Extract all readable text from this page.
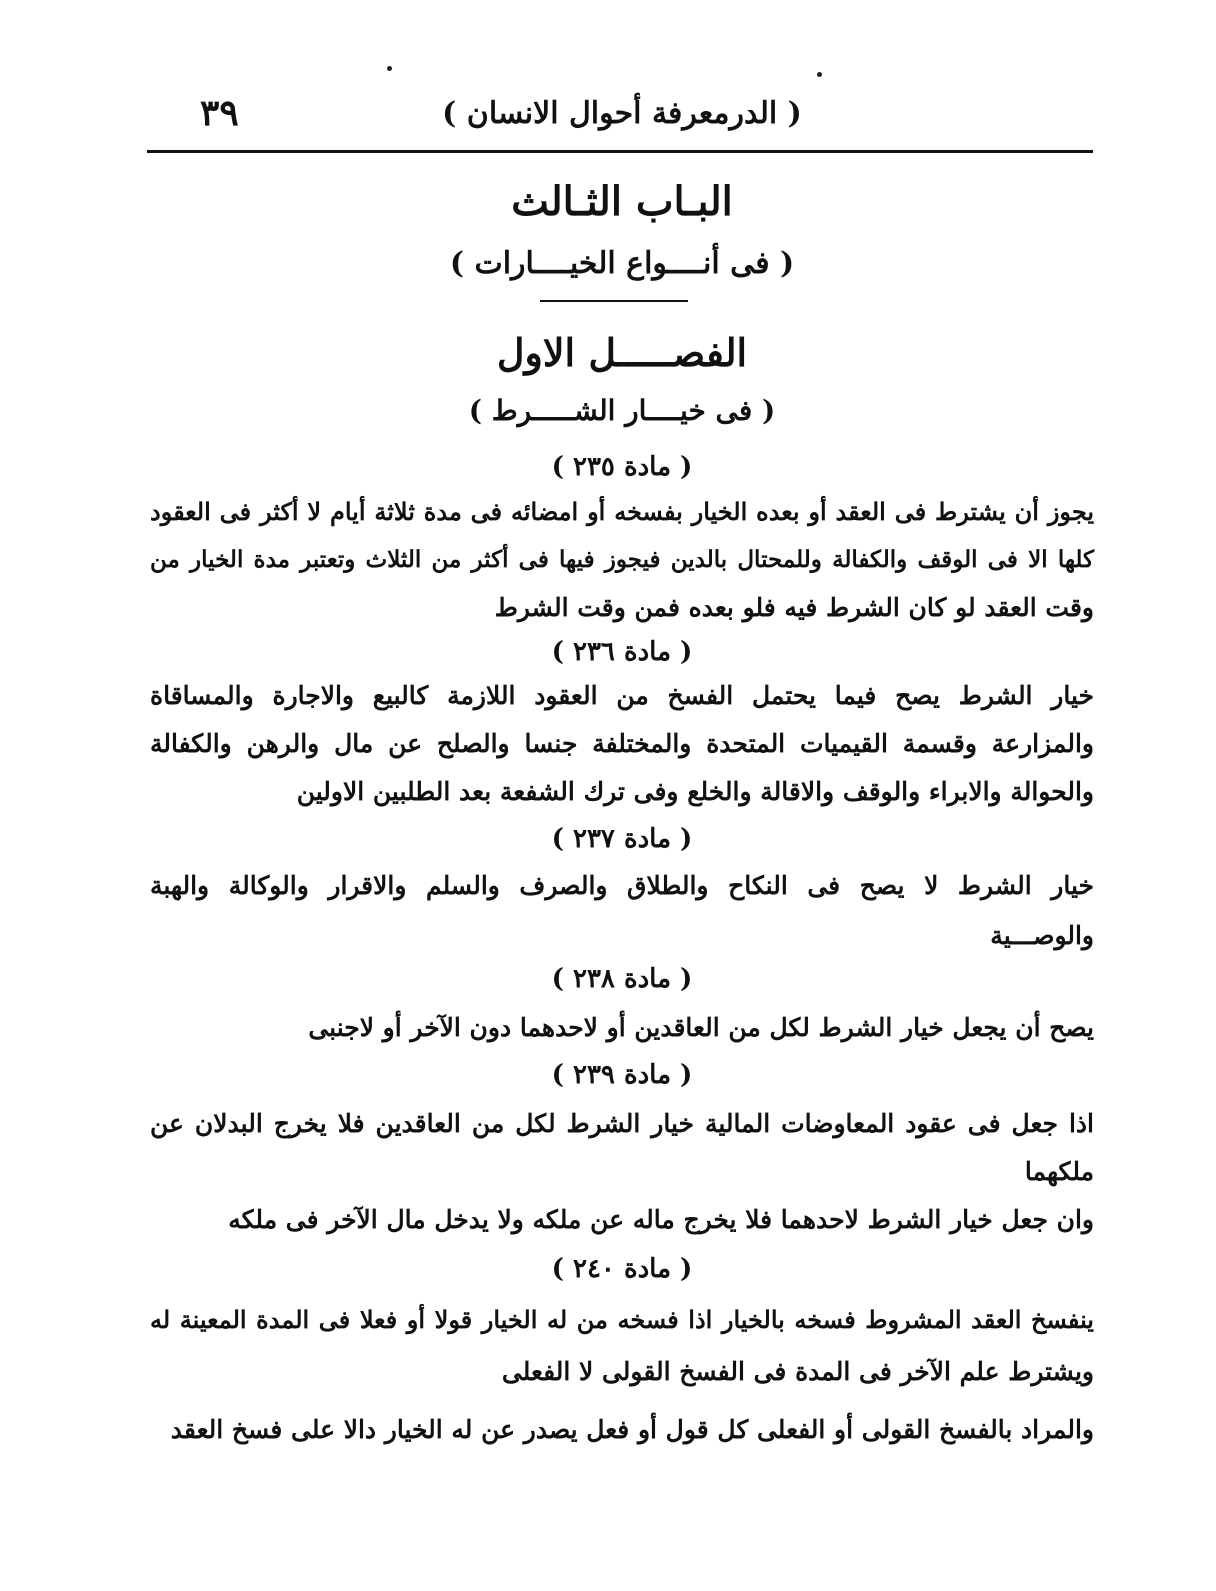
( الدرمعرفة أحوال الانسان )
٣٩
البـاب الثـالث
( فى أنــــواع الخيــــارات )
الفصـــــل الاول
( فى خيــــار الشـــــرط )
( مادة ٢٣٥ )
يجوز أن يشترط فى العقد أو بعده الخيار بفسخه أو امضائه فى مدة ثلاثة أيام لا أكثر فى العقود
كلها الا فى الوقف والكفالة وللمحتال بالدين فيجوز فيها فى أكثر من الثلاث وتعتبر مدة الخيار من
وقت العقد لو كان الشرط فيه فلو بعده فمن وقت الشرط
( مادة ٢٣٦ )
خيار الشرط يصح فيما يحتمل الفسخ من العقود اللازمة كالبيع والاجارة والمساقاة
والمزارعة وقسمة القيميات المتحدة والمختلفة جنسا والصلح عن مال والرهن والكفالة
والحوالة والابراء والوقف والاقالة والخلع وفى ترك الشفعة بعد الطلبين الاولين
( مادة ٢٣٧ )
خيار الشرط لا يصح فى النكاح والطلاق والصرف والسلم والاقرار والوكالة والهبة
والوصـــية
( مادة ٢٣٨ )
يصح أن يجعل خيار الشرط لكل من العاقدين أو لاحدهما دون الآخر أو لاجنبى
( مادة ٢٣٩ )
اذا جعل فى عقود المعاوضات المالية خيار الشرط لكل من العاقدين فلا يخرج البدلان عن
ملكهما
وان جعل خيار الشرط لاحدهما فلا يخرج ماله عن ملكه ولا يدخل مال الآخر فى ملكه
( مادة ٢٤٠ )
ينفسخ العقد المشروط فسخه بالخيار اذا فسخه من له الخيار قولا أو فعلا فى المدة المعينة له
ويشترط علم الآخر فى المدة فى الفسخ القولى لا الفعلى
والمراد بالفسخ القولى أو الفعلى كل قول أو فعل يصدر عن له الخيار دالا على فسخ العقد
